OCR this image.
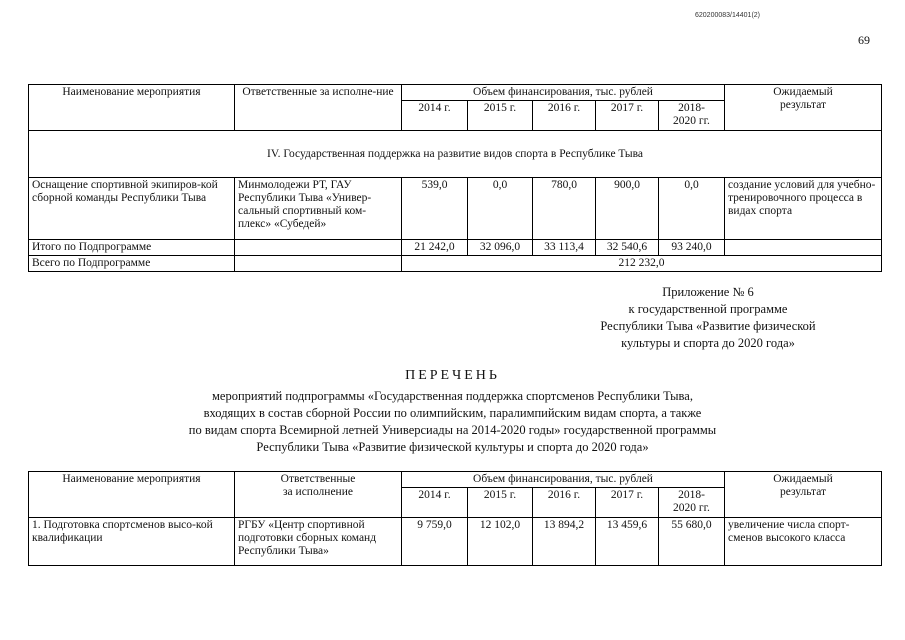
620200083/14401(2)
69
Наименование мероприятия	Ответственные за исполне-ние	Объем финансирования, тыс. рублей					Ожидаемый
результат
		2014 г.	2015 г.	2016 г.	2017 г.	2018-
2020 гг.	
IV. Государственная поддержка на развитие видов спорта в Республике Тыва							
Оснащение спортивной экипиров-кой сборной команды Республики Тыва	Минмолодежи РТ, ГАУ Республики Тыва «Универ-сальный спортивный ком-плекс» «Субедей»	539,0	0,0	780,0	900,0	0,0	создание условий для учебно-тренировочного процесса в видах спорта
Итого по Подпрограмме		21 242,0	32 096,0	33 113,4	32 540,6	93 240,0	
Всего по Подпрограмме		212 232,0					
Приложение № 6
к государственной программе
Республики Тыва «Развитие физической
культуры и спорта до 2020 года»
ПЕРЕЧЕНЬ
мероприятий подпрограммы «Государственная поддержка спортсменов Республики Тыва,
входящих в состав сборной России по олимпийским, паралимпийским видам спорта, а также
по видам спорта Всемирной летней Универсиады на 2014-2020 годы» государственной программы
Республики Тыва «Развитие физической культуры и спорта до 2020 года»
Наименование мероприятия	Ответственные
за исполнение	Объем финансирования, тыс. рублей					Ожидаемый
результат
		2014 г.	2015 г.	2016 г.	2017 г.	2018-
2020 гг.	
1. Подготовка спортсменов высо-кой квалификации	РГБУ «Центр спортивной подготовки сборных команд Республики Тыва»	9 759,0	12 102,0	13 894,2	13 459,6	55 680,0	увеличение числа спорт-сменов высокого класса
